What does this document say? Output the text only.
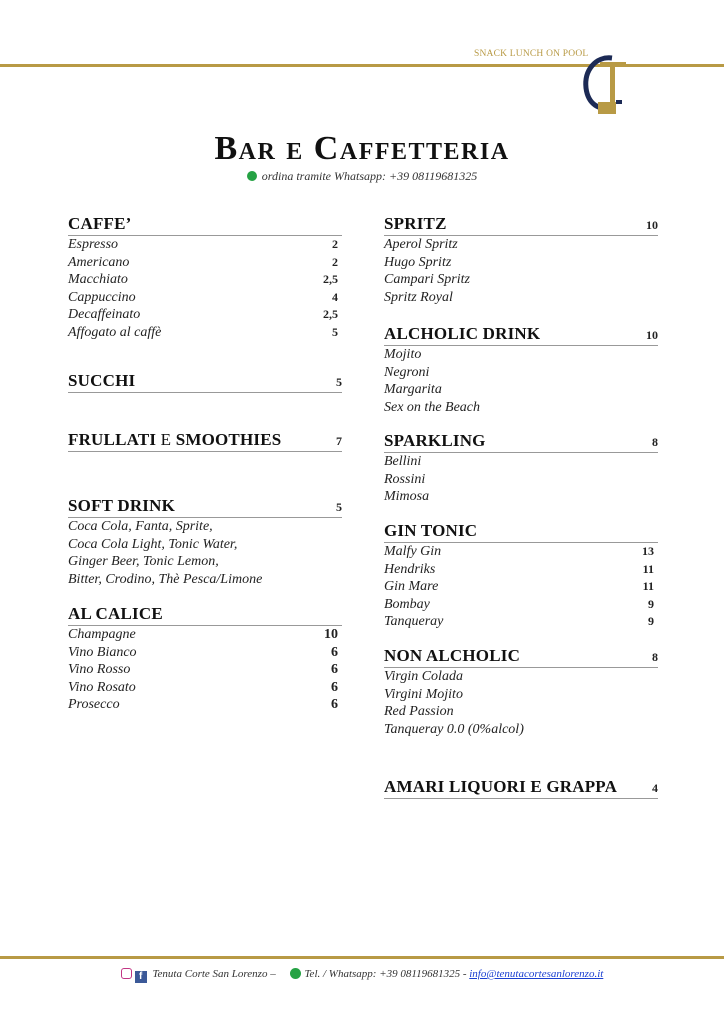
SNACK LUNCH ON POOL
Bar e Caffetteria
ordina tramite Whatsapp: +39 08119681325
CAFFE’
Espresso	2
Americano	2
Macchiato	2,5
Cappuccino	4
Decaffeinato	2,5
Affogato al caffè	5
SUCCHI	5
FRULLATI E SMOOTHIES	7
SOFT DRINK	5
Coca Cola, Fanta, Sprite,
Coca Cola Light, Tonic Water,
Ginger Beer, Tonic Lemon,
Bitter, Crodino, Thè Pesca/Limone
AL CALICE
Champagne	10
Vino Bianco	6
Vino Rosso	6
Vino Rosato	6
Prosecco	6
SPRITZ	10
Aperol Spritz
Hugo Spritz
Campari Spritz
Spritz Royal
ALCHOLIC DRINK	10
Mojito
Negroni
Margarita
Sex on the Beach
SPARKLING	8
Bellini
Rossini
Mimosa
GIN TONIC
Malfy Gin	13
Hendriks	11
Gin Mare	11
Bombay	9
Tanqueray	9
NON ALCHOLIC	8
Virgin Colada
Virgini Mojito
Red Passion
Tanqueray 0.0 (0%alcol)
AMARI LIQUORI E GRAPPA	4
f Tenuta Corte San Lorenzo –	Tel. / Whatsapp: +39 08119681325 - info@tenutacortesanlorenzo.it
